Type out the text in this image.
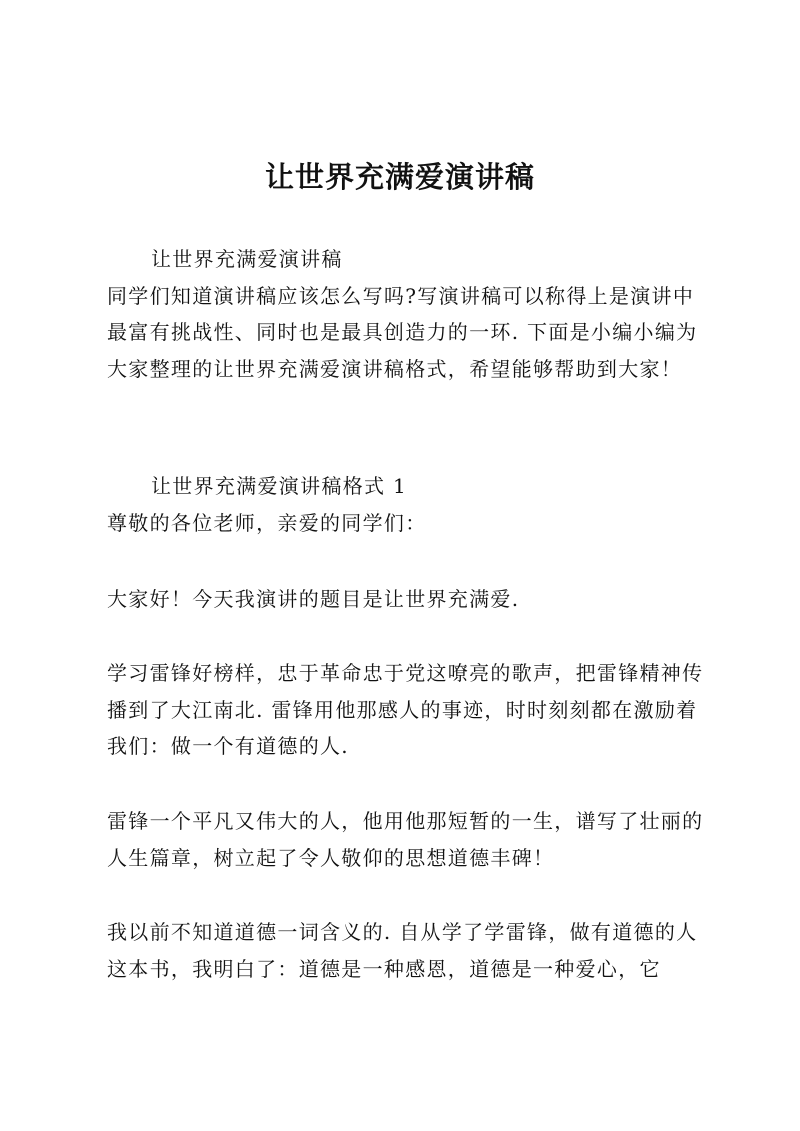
让世界充满爱演讲稿

让世界充满爱演讲稿

同学们知道演讲稿应该怎么写吗?写演讲稿可以称得上是演讲中最富有挑战性、同时也是最具创造力的一环. 下面是小编小编为大家整理的让世界充满爱演讲稿格式，希望能够帮助到大家！

让世界充满爱演讲稿格式 1

尊敬的各位老师，亲爱的同学们：

大家好！今天我演讲的题目是让世界充满爱.

学习雷锋好榜样，忠于革命忠于党这嘹亮的歌声，把雷锋精神传播到了大江南北. 雷锋用他那感人的事迹，时时刻刻都在激励着我们：做一个有道德的人.

雷锋一个平凡又伟大的人，他用他那短暂的一生，谱写了壮丽的人生篇章，树立起了令人敬仰的思想道德丰碑！

我以前不知道道德一词含义的. 自从学了学雷锋，做有道德的人这本书，我明白了：道德是一种感恩，道德是一种爱心，它
